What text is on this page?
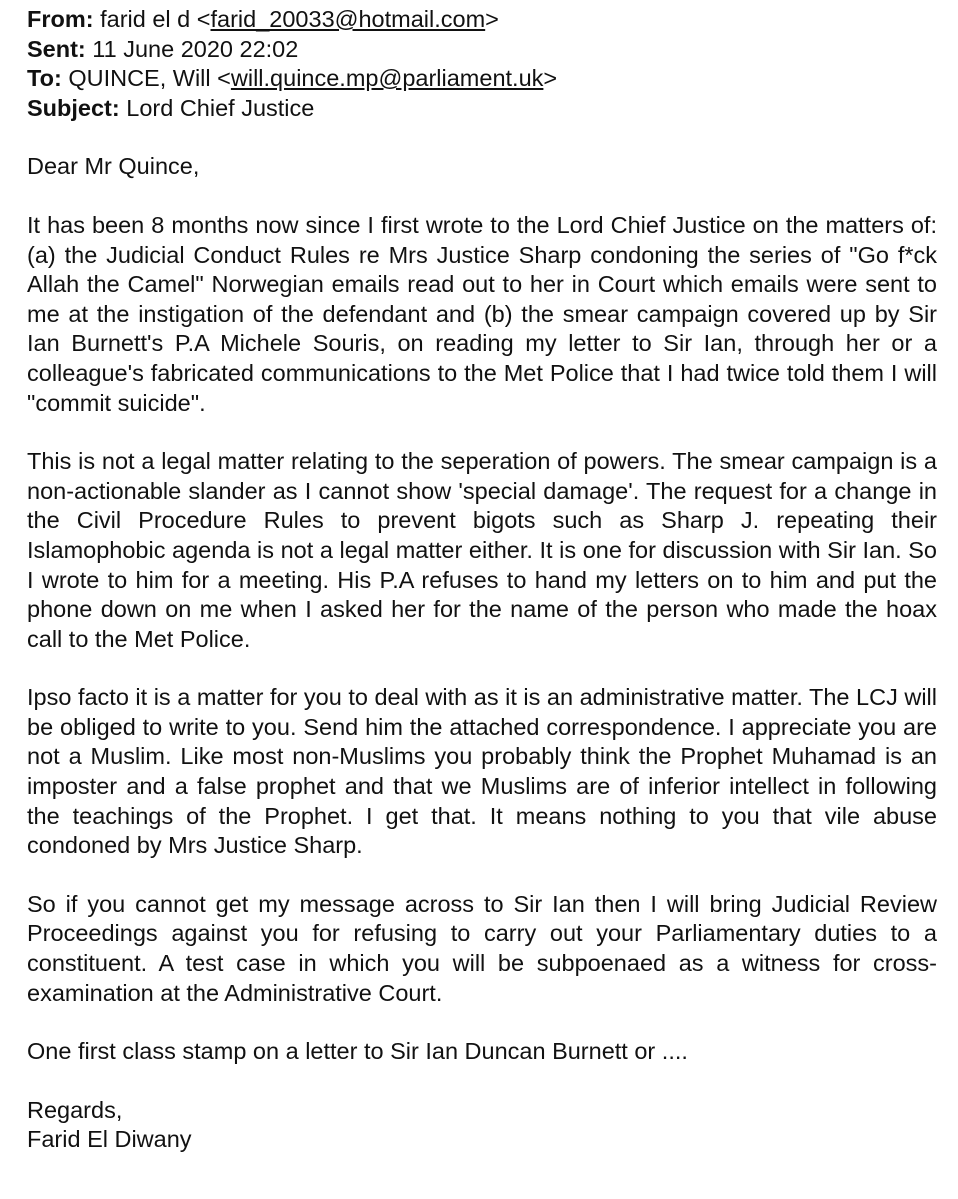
From: farid el d <farid_20033@hotmail.com>
Sent: 11 June 2020 22:02
To: QUINCE, Will <will.quince.mp@parliament.uk>
Subject: Lord Chief Justice
Dear Mr Quince,
It has been 8 months now since I first wrote to the Lord Chief Justice on the matters of: (a) the Judicial Conduct Rules re Mrs Justice Sharp condoning the series of "Go f*ck Allah the Camel" Norwegian emails read out to her in Court which emails were sent to me at the instigation of the defendant and (b) the smear campaign covered up by Sir Ian Burnett's P.A Michele Souris, on reading my letter to Sir Ian, through her or a colleague's fabricated communications to the Met Police that I had twice told them I will "commit suicide".
This is not a legal matter relating to the seperation of powers. The smear campaign is a non-actionable slander as I cannot show 'special damage'. The request for a change in the Civil Procedure Rules to prevent bigots such as Sharp J. repeating their Islamophobic agenda is not a legal matter either. It is one for discussion with Sir Ian. So I wrote to him for a meeting. His P.A refuses to hand my letters on to him and put the phone down on me when I asked her for the name of the person who made the hoax call to the Met Police.
Ipso facto it is a matter for you to deal with as it is an administrative matter. The LCJ will be obliged to write to you. Send him the attached correspondence. I appreciate you are not a Muslim. Like most non-Muslims you probably think the Prophet Muhamad is an imposter and a false prophet and that we Muslims are of inferior intellect in following the teachings of the Prophet. I get that. It means nothing to you that vile abuse condoned by Mrs Justice Sharp.
So if you cannot get my message across to Sir Ian then I will bring Judicial Review Proceedings against you for refusing to carry out your Parliamentary duties to a constituent. A test case in which you will be subpoenaed as a witness for cross-examination at the Administrative Court.
One first class stamp on a letter to Sir Ian Duncan Burnett or ....
Regards,
Farid El Diwany
